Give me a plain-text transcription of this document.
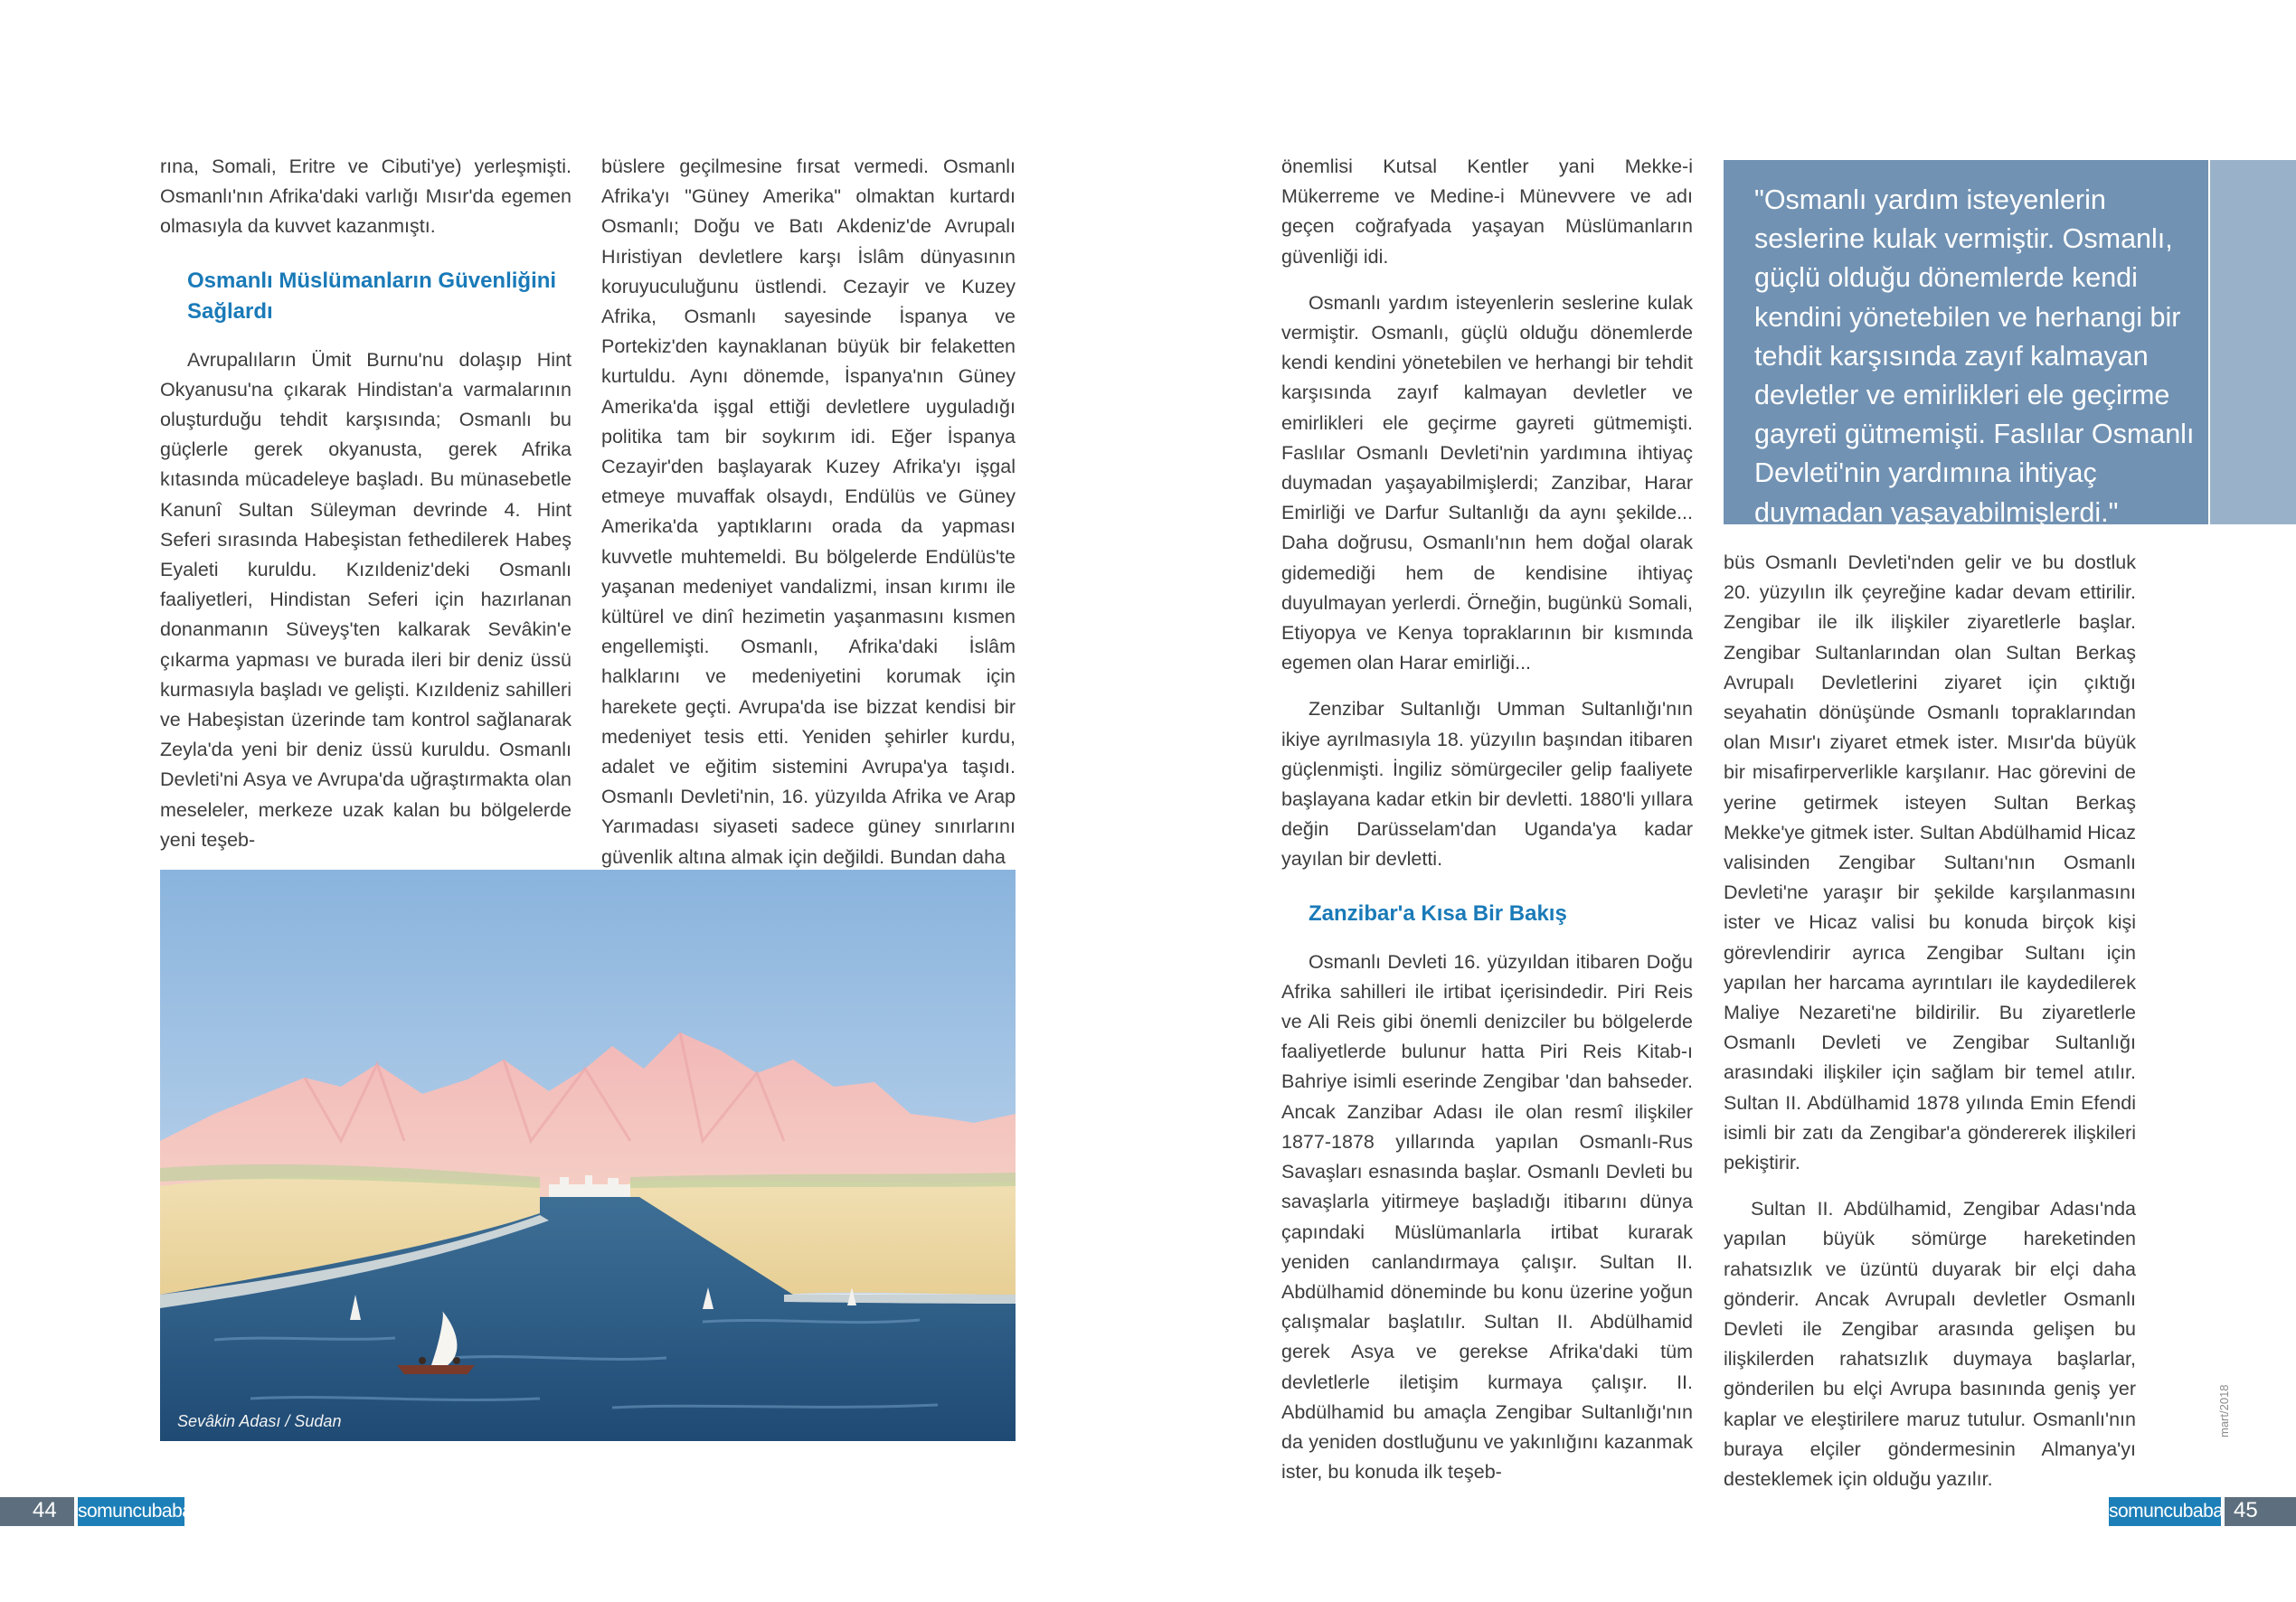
rına, Somali, Eritre ve Cibuti'ye) yerleşmişti. Osmanlı'nın Afrika'daki varlığı Mısır'da egemen olmasıyla da kuvvet kazanmıştı.

Osmanlı Müslümanların Güvenliğini Sağlardı

Avrupalıların Ümit Burnu'nu dolaşıp Hint Okyanusu'na çıkarak Hindistan'a varmalarının oluşturduğu tehdit karşısında; Osmanlı bu güçlerle gerek okyanusta, gerek Afrika kıtasında mücadeleye başladı. Bu münasebetle Kanunî Sultan Süleyman devrinde 4. Hint Seferi sırasında Habeşistan fethedilerek Habeş Eyaleti kuruldu. Kızıldeniz'deki Osmanlı faaliyetleri, Hindistan Seferi için hazırlanan donanmanın Süveyş'ten kalkarak Sevâkin'e çıkarma yapması ve burada ileri bir deniz üssü kurmasıyla başladı ve gelişti. Kızıldeniz sahilleri ve Habeşistan üzerinde tam kontrol sağlanarak Zeyla'da yeni bir deniz üssü kuruldu. Osmanlı Devleti'ni Asya ve Avrupa'da uğraştırmakta olan meseleler, merkeze uzak kalan bu bölgelerde yeni teşeb-

büslere geçilmesine fırsat vermedi. Osmanlı Afrika'yı "Güney Amerika" olmaktan kurtardı Osmanlı; Doğu ve Batı Akdeniz'de Avrupalı Hıristiyan devletlere karşı İslâm dünyasının koruyuculuğunu üstlendi. Cezayir ve Kuzey Afrika, Osmanlı sayesinde İspanya ve Portekiz'den kaynaklanan büyük bir felaketten kurtuldu. Aynı dönemde, İspanya'nın Güney Amerika'da işgal ettiği devletlere uyguladığı politika tam bir soykırım idi. Eğer İspanya Cezayir'den başlayarak Kuzey Afrika'yı işgal etmeye muvaffak olsaydı, Endülüs ve Güney Amerika'da yaptıklarını orada da yapması kuvvetle muhtemeldi. Bu bölgelerde Endülüs'te yaşanan medeniyet vandalizmi, insan kırımı ile kültürel ve dinî hezimetin yaşanmasını kısmen engellemişti. Osmanlı, Afrika'daki İslâm halklarını ve medeniyetini korumak için harekete geçti. Avrupa'da ise bizzat kendisi bir medeniyet tesis etti. Yeniden şehirler kurdu, adalet ve eğitim sistemini Avrupa'ya taşıdı. Osmanlı Devleti'nin, 16. yüzyılda Afrika ve Arap Yarımadası siyaseti sadece güney sınırlarını güvenlik altına almak için değildi. Bundan daha

Sevâkin Adası / Sudan
44 somuncubaba

önemlisi Kutsal Kentler yani Mekke-i Mükerreme ve Medine-i Münevvere ve adı geçen coğrafyada yaşayan Müslümanların güvenliği idi.

Osmanlı yardım isteyenlerin seslerine kulak vermiştir. Osmanlı, güçlü olduğu dönemlerde kendi kendini yönetebilen ve herhangi bir tehdit karşısında zayıf kalmayan devletler ve emirlikleri ele geçirme gayreti gütmemişti. Faslılar Osmanlı Devleti'nin yardımına ihtiyaç duymadan yaşayabilmişlerdi; Zanzibar, Harar Emirliği ve Darfur Sultanlığı da aynı şekilde... Daha doğrusu, Osmanlı'nın hem doğal olarak gidemediği hem de kendisine ihtiyaç duyulmayan yerlerdi. Örneğin, bugünkü Somali, Etiyopya ve Kenya topraklarının bir kısmında egemen olan Harar emirliği...

Zenzibar Sultanlığı Umman Sultanlığı'nın ikiye ayrılmasıyla 18. yüzyılın başından itibaren güçlenmişti. İngiliz sömürgeciler gelip faaliyete başlayana kadar etkin bir devletti. 1880'li yıllara değin Darüsselam'dan Uganda'ya kadar yayılan bir devletti.

Zanzibar'a Kısa Bir Bakış

Osmanlı Devleti 16. yüzyıldan itibaren Doğu Afrika sahilleri ile irtibat içerisindedir. Piri Reis ve Ali Reis gibi önemli denizciler bu bölgelerde faaliyetlerde bulunur hatta Piri Reis Kitab-ı Bahriye isimli eserinde Zengibar 'dan bahseder. Ancak Zanzibar Adası ile olan resmî ilişkiler 1877-1878 yıllarında yapılan Osmanlı-Rus Savaşları esnasında başlar. Osmanlı Devleti bu savaşlarla yitirmeye başladığı itibarını dünya çapındaki Müslümanlarla irtibat kurarak yeniden canlandırmaya çalışır. Sultan II. Abdülhamid döneminde bu konu üzerine yoğun çalışmalar başlatılır. Sultan II. Abdülhamid gerek Asya ve gerekse Afrika'daki tüm devletlerle iletişim kurmaya çalışır. II. Abdülhamid bu amaçla Zengibar Sultanlığı'nın da yeniden dostluğunu ve yakınlığını kazanmak ister, bu konuda ilk teşeb-

"Osmanlı yardım isteyenlerin seslerine kulak vermiştir. Osmanlı, güçlü olduğu dönemlerde kendi kendini yönetebilen ve herhangi bir tehdit karşısında zayıf kalmayan devletler ve emirlikleri ele geçirme gayreti gütmemişti. Faslılar Osmanlı Devleti'nin yardımına ihtiyaç duymadan yaşayabilmişlerdi."

büs Osmanlı Devleti'nden gelir ve bu dostluk 20. yüzyılın ilk çeyreğine kadar devam ettirilir. Zengibar ile ilk ilişkiler ziyaretlerle başlar. Zengibar Sultanlarından olan Sultan Berkaş Avrupalı Devletlerini ziyaret için çıktığı seyahatin dönüşünde Osmanlı topraklarından olan Mısır'ı ziyaret etmek ister. Mısır'da büyük bir misafirperverlikle karşılanır. Hac görevini de yerine getirmek isteyen Sultan Berkaş Mekke'ye gitmek ister. Sultan Abdülhamid Hicaz valisinden Zengibar Sultanı'nın Osmanlı Devleti'ne yaraşır bir şekilde karşılanmasını ister ve Hicaz valisi bu konuda birçok kişi görevlendirir ayrıca Zengibar Sultanı için yapılan her harcama ayrıntıları ile kaydedilerek Maliye Nezareti'ne bildirilir. Bu ziyaretlerle Osmanlı Devleti ve Zengibar Sultanlığı arasındaki ilişkiler için sağlam bir temel atılır. Sultan II. Abdülhamid 1878 yılında Emin Efendi isimli bir zatı da Zengibar'a göndererek ilişkileri pekiştirir.

Sultan II. Abdülhamid, Zengibar Adası'nda yapılan büyük sömürge hareketinden rahatsızlık ve üzüntü duyarak bir elçi daha gönderir. Ancak Avrupalı devletler Osmanlı Devleti ile Zengibar arasında gelişen bu ilişkilerden rahatsızlık duymaya başlarlar, gönderilen bu elçi Avrupa basınında geniş yer kaplar ve eleştirilere maruz tutulur. Osmanlı'nın buraya elçiler göndermesinin Almanya'yı desteklemek için olduğu yazılır.

mart/2018
somuncubaba 45
